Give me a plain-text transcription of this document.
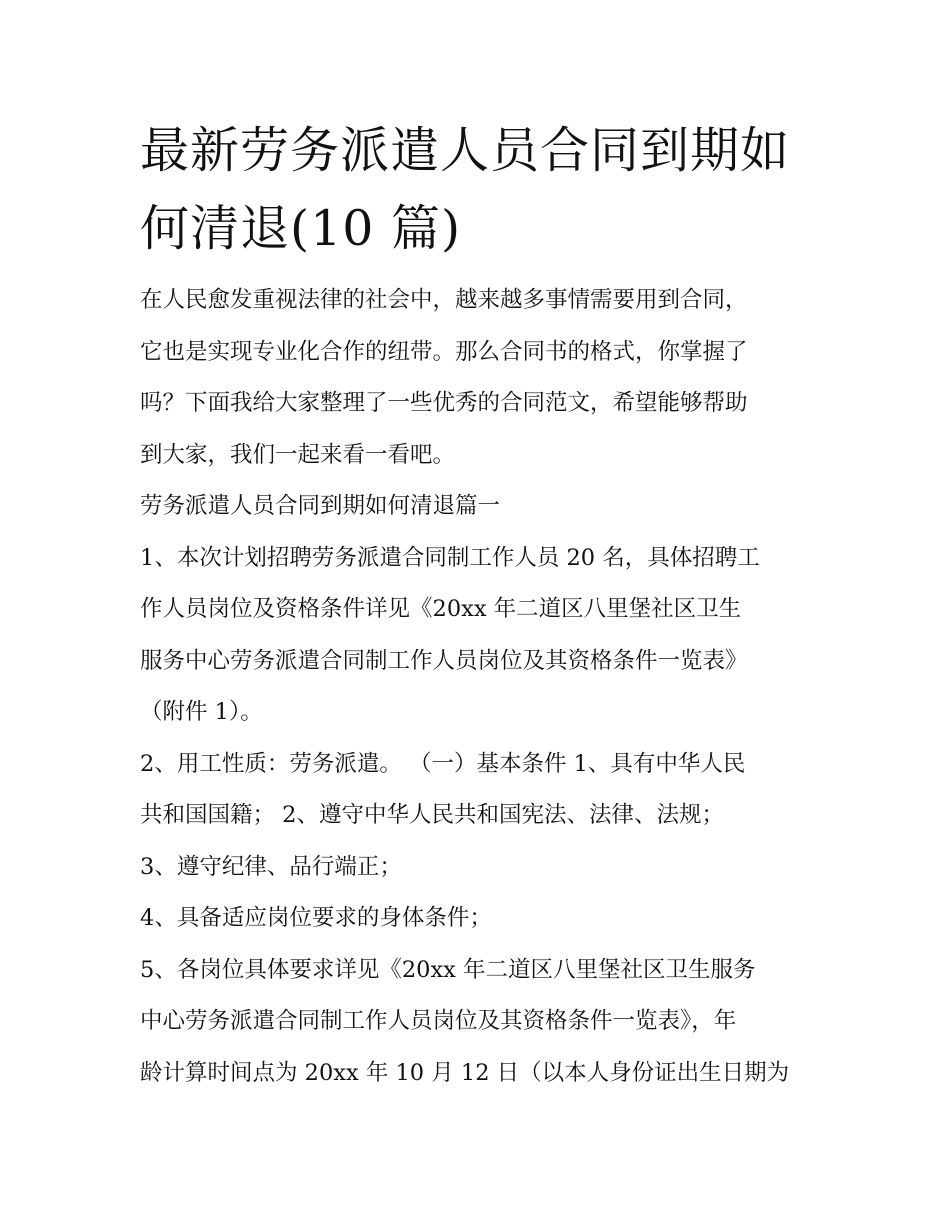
最新劳务派遣人员合同到期如
何清退(10 篇)

在人民愈发重视法律的社会中，越来越多事情需要用到合同，

它也是实现专业化合作的纽带。那么合同书的格式，你掌握了

吗？下面我给大家整理了一些优秀的合同范文，希望能够帮助

到大家，我们一起来看一看吧。

劳务派遣人员合同到期如何清退篇一

1、本次计划招聘劳务派遣合同制工作人员 20 名，具体招聘工

作人员岗位及资格条件详见《20xx 年二道区八里堡社区卫生

服务中心劳务派遣合同制工作人员岗位及其资格条件一览表》

（附件 1）。

2、用工性质：劳务派遣。 （一）基本条件 1、具有中华人民

共和国国籍； 2、遵守中华人民共和国宪法、法律、法规；

3、遵守纪律、品行端正；

4、具备适应岗位要求的身体条件；

5、各岗位具体要求详见《20xx 年二道区八里堡社区卫生服务

中心劳务派遣合同制工作人员岗位及其资格条件一览表》，年

龄计算时间点为 20xx 年 10 月 12 日（以本人身份证出生日期为
